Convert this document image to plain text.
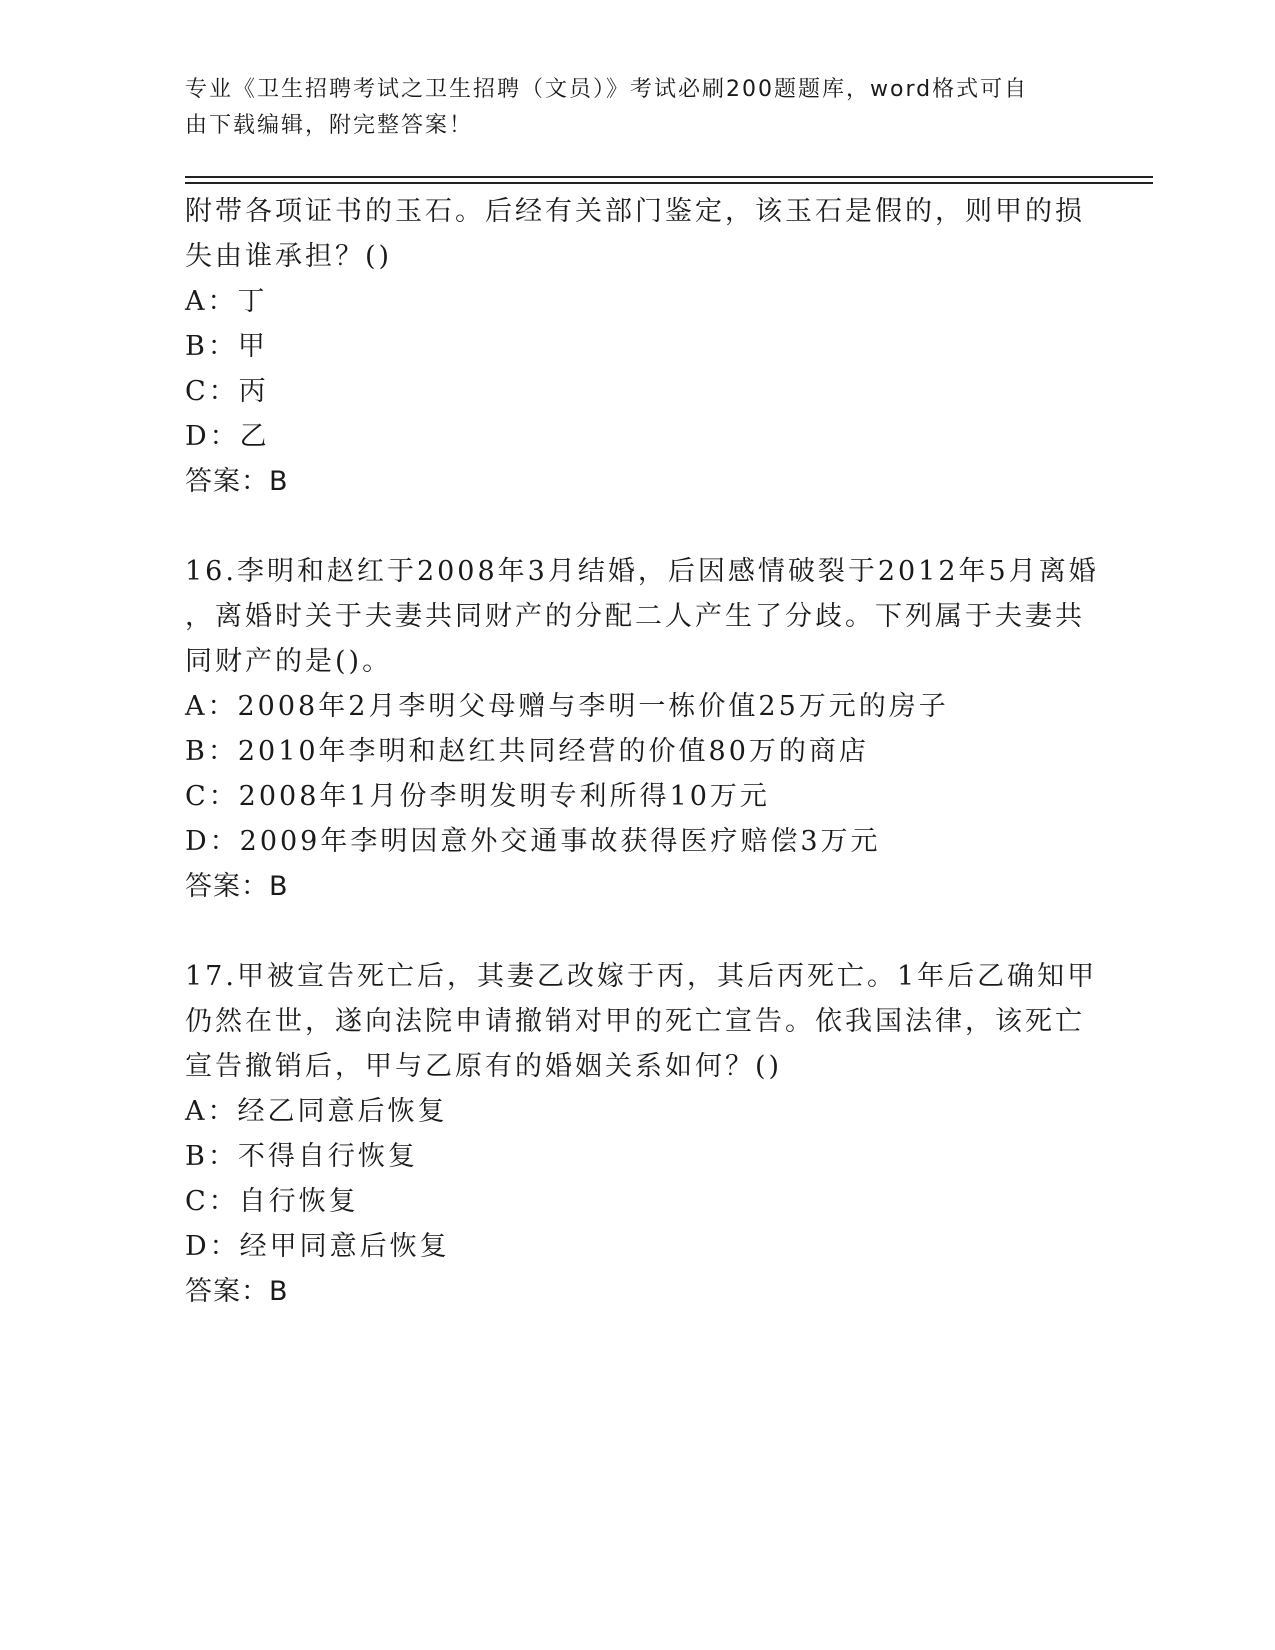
专业《卫生招聘考试之卫生招聘（文员）》考试必刷200题题库，word格式可自
由下载编辑，附完整答案！
附带各项证书的玉石。后经有关部门鉴定，该玉石是假的，则甲的损
失由谁承担？()
A：丁
B：甲
C：丙
D：乙
答案：B
16.李明和赵红于2008年3月结婚，后因感情破裂于2012年5月离婚
，离婚时关于夫妻共同财产的分配二人产生了分歧。下列属于夫妻共
同财产的是()。
A：2008年2月李明父母赠与李明一栋价值25万元的房子
B：2010年李明和赵红共同经营的价值80万的商店
C：2008年1月份李明发明专利所得10万元
D：2009年李明因意外交通事故获得医疗赔偿3万元
答案：B
17.甲被宣告死亡后，其妻乙改嫁于丙，其后丙死亡。1年后乙确知甲
仍然在世，遂向法院申请撤销对甲的死亡宣告。依我国法律，该死亡
宣告撤销后，甲与乙原有的婚姻关系如何？()
A：经乙同意后恢复
B：不得自行恢复
C：自行恢复
D：经甲同意后恢复
答案：B
